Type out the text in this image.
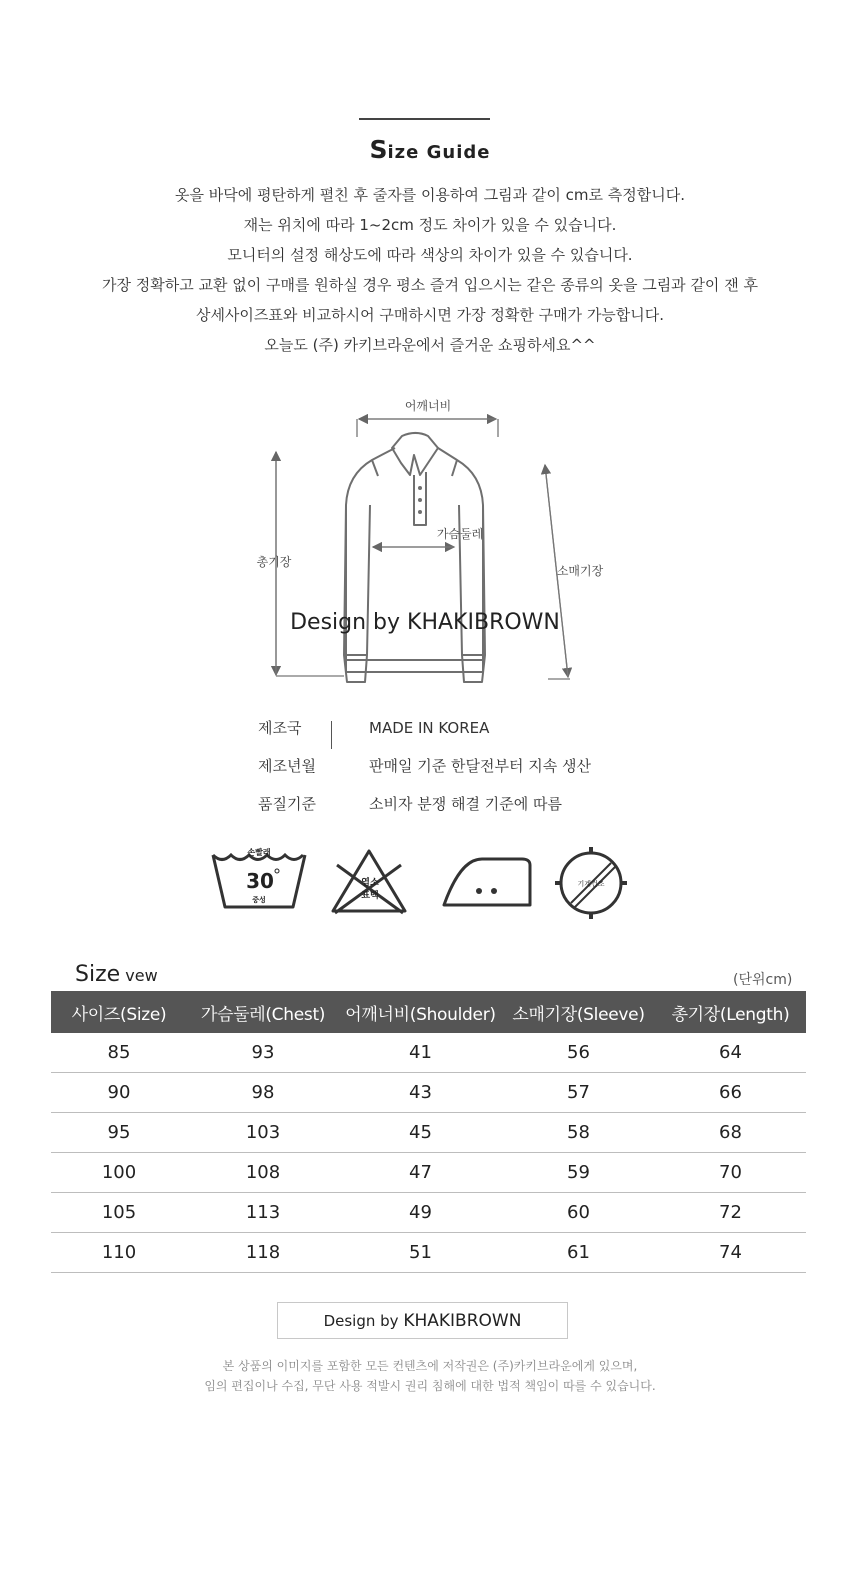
Size Guide
옷을 바닥에 평탄하게 펼친 후 줄자를 이용하여 그림과 같이 cm로 측정합니다.
재는 위치에 따라 1~2cm 정도 차이가 있을 수 있습니다.
모니터의 설정 해상도에 따라 색상의 차이가 있을 수 있습니다.
가장 정확하고 교환 없이 구매를 원하실 경우 평소 즐겨 입으시는 같은 종류의 옷을 그림과 같이 잰 후
상세사이즈표와 비교하시어 구매하시면 가장 정확한 구매가 가능합니다.
오늘도 (주) 카키브라운에서 즐거운 쇼핑하세요^^
어깨너비
가슴둘레
총기장
소매기장
Design by KHAKIBROWN
제조국	MADE IN KOREA
제조년월	판매일 기준 한달전부터 지속 생산
품질기준	소비자 분쟁 해결 기준에 따름
손빨래
30
중성
염소
표백
기계건조
Size vew	(단위cm)
사이즈(Size)	가슴둘레(Chest)	어깨너비(Shoulder)	소매기장(Sleeve)	총기장(Length)
85	93	41	56	64
90	98	43	57	66
95	103	45	58	68
100	108	47	59	70
105	113	49	60	72
110	118	51	61	74
Design by KHAKIBROWN
본 상품의 이미지를 포함한 모든 컨텐츠에 저작권은 (주)카키브라운에게 있으며,
임의 편집이나 수집, 무단 사용 적발시 권리 침해에 대한 법적 책임이 따를 수 있습니다.
